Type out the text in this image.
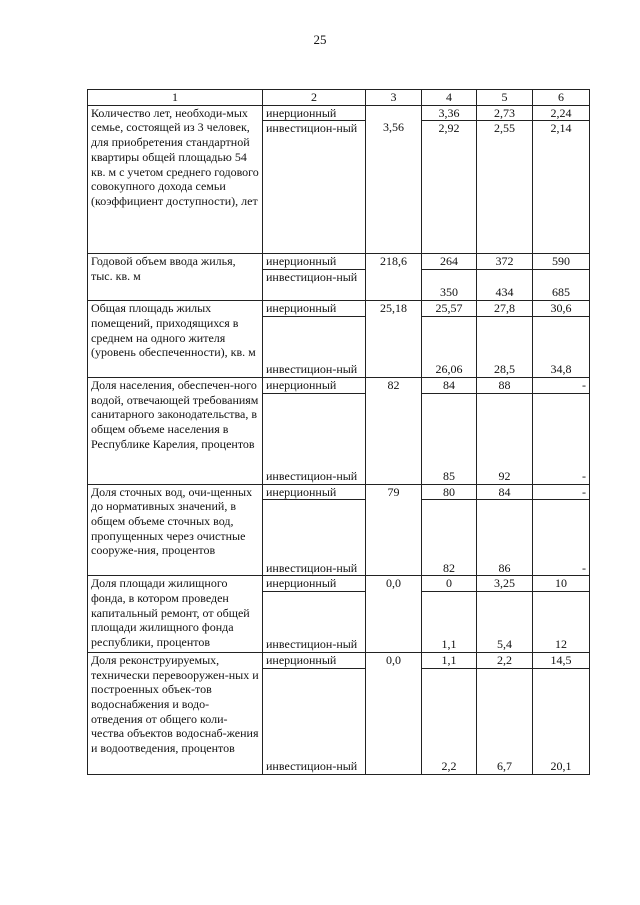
25
1	2	3	4	5	6
Количество лет, необходи-мых семье, состоящей из 3 человек, для приобретения стандартной квартиры общей площадью 54 кв. м с учетом среднего годового совокупного дохода семьи (коэффициент доступности), лет	инерционный	3,56	3,36	2,73	2,24
	инвестицион-ный		2,92	2,55	2,14
Годовой объем ввода жилья, тыс. кв. м	инерционный	218,6	264	372	590
	инвестицион-ный		350	434	685
Общая площадь жилых помещений, приходящихся в среднем на одного жителя (уровень обеспеченности), кв. м	инерционный	25,18	25,57	27,8	30,6
	инвестицион-ный		26,06	28,5	34,8
Доля населения, обеспечен-ного водой, отвечающей требованиям санитарного законодательства, в общем объеме населения в Республике Карелия, процентов	инерционный	82	84	88	-
	инвестицион-ный		85	92	-
Доля сточных вод, очи-щенных до нормативных значений, в общем объеме сточных вод, пропущенных через очистные сооруже-ния, процентов	инерционный	79	80	84	-
	инвестицион-ный		82	86	-
Доля площади жилищного фонда, в котором проведен капитальный ремонт, от общей площади жилищного фонда республики, процентов	инерционный	0,0	0	3,25	10
	инвестицион-ный		1,1	5,4	12
Доля реконструируемых, технически перевооружен-ных и построенных объек-тов водоснабжения и водо-отведения от общего коли-чества объектов водоснаб-жения и водоотведения, процентов	инерционный	0,0	1,1	2,2	14,5
	инвестицион-ный		2,2	6,7	20,1
